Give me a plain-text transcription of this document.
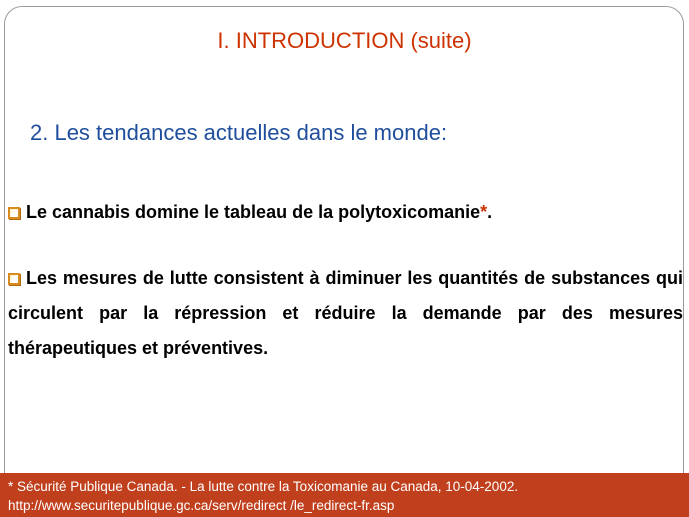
I. INTRODUCTION (suite)
2. Les tendances actuelles dans le monde:
Le cannabis domine le tableau de la polytoxicomanie*.
Les mesures de lutte consistent à diminuer les quantités de substances qui circulent par la répression et réduire la demande par des mesures thérapeutiques et préventives.
* Sécurité Publique Canada. - La lutte contre la Toxicomanie au Canada, 10-04-2002.
http://www.securitepublique.gc.ca/serv/redirect /le_redirect-fr.asp
